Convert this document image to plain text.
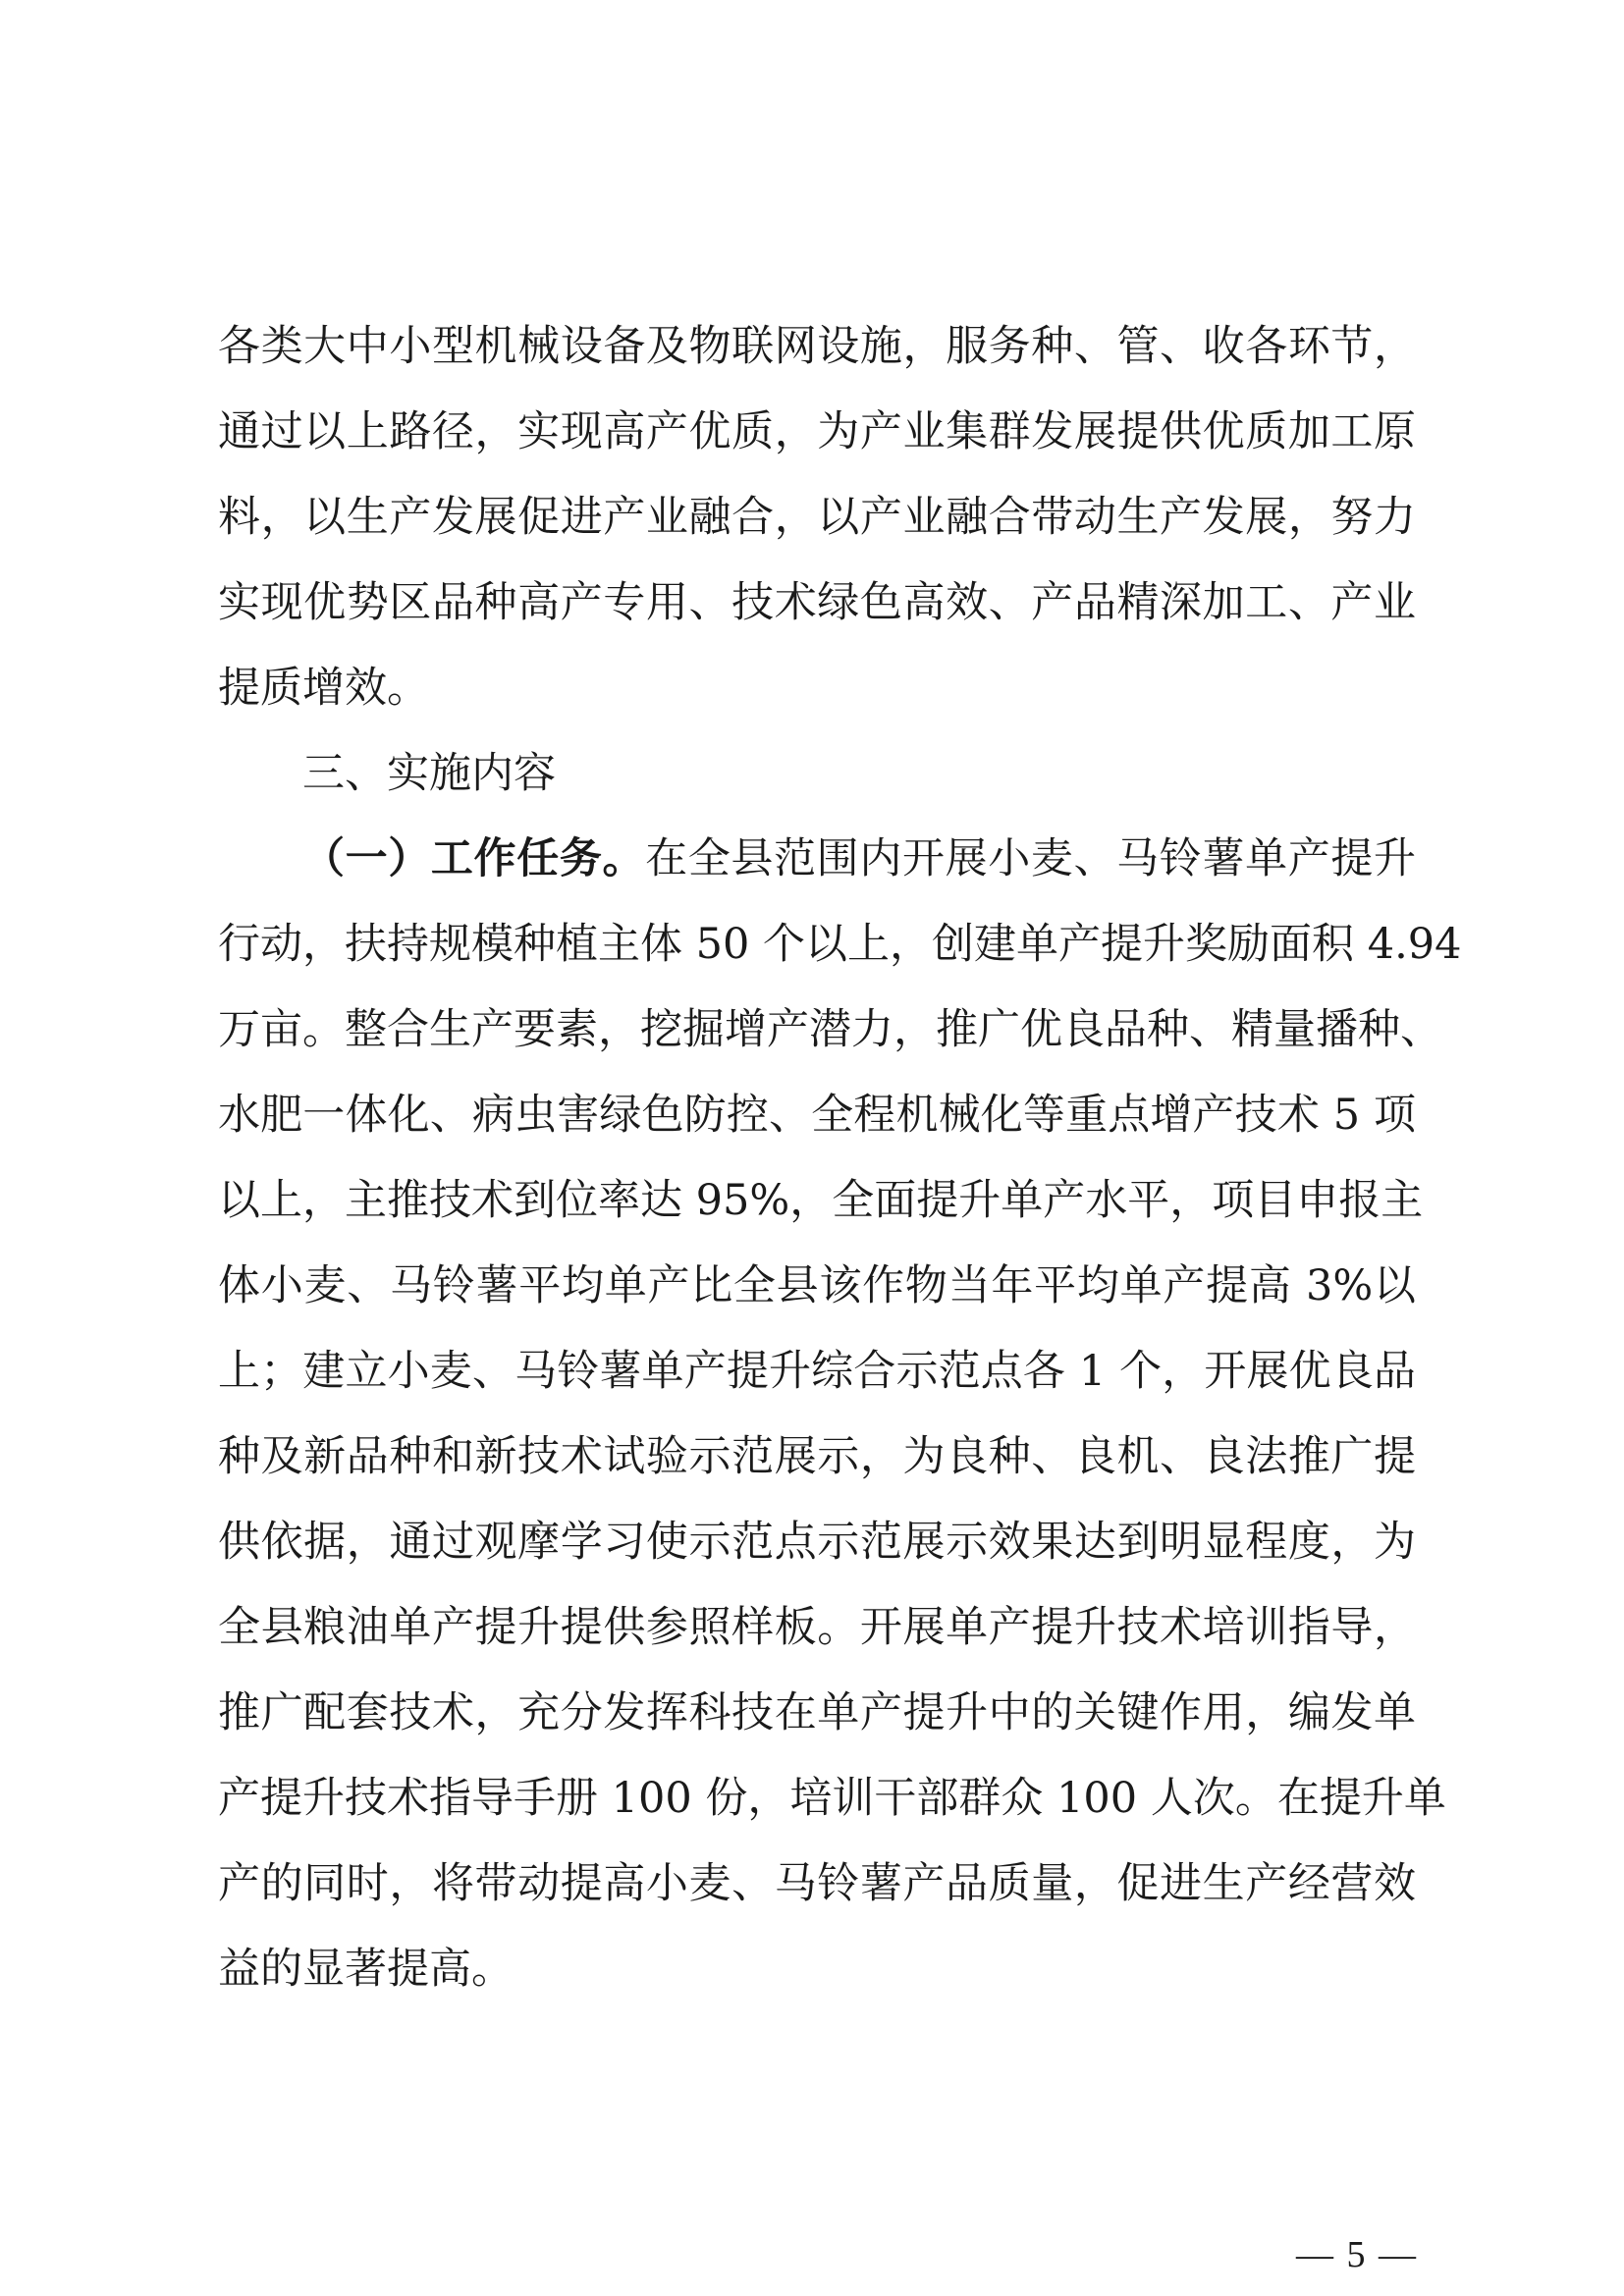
各类大中小型机械设备及物联网设施，服务种、管、收各环节，
通过以上路径，实现高产优质，为产业集群发展提供优质加工原
料，以生产发展促进产业融合，以产业融合带动生产发展，努力
实现优势区品种高产专用、技术绿色高效、产品精深加工、产业
提质增效。
三、实施内容
（一）工作任务。在全县范围内开展小麦、马铃薯单产提升
行动，扶持规模种植主体 50 个以上，创建单产提升奖励面积 4.94
万亩。整合生产要素，挖掘增产潜力，推广优良品种、精量播种、
水肥一体化、病虫害绿色防控、全程机械化等重点增产技术 5 项
以上，主推技术到位率达 95%，全面提升单产水平，项目申报主
体小麦、马铃薯平均单产比全县该作物当年平均单产提高 3%以
上；建立小麦、马铃薯单产提升综合示范点各 1 个，开展优良品
种及新品种和新技术试验示范展示，为良种、良机、良法推广提
供依据，通过观摩学习使示范点示范展示效果达到明显程度，为
全县粮油单产提升提供参照样板。开展单产提升技术培训指导，
推广配套技术，充分发挥科技在单产提升中的关键作用，编发单
产提升技术指导手册 100 份，培训干部群众 100 人次。在提升单
产的同时，将带动提高小麦、马铃薯产品质量，促进生产经营效
益的显著提高。
— 5 —
